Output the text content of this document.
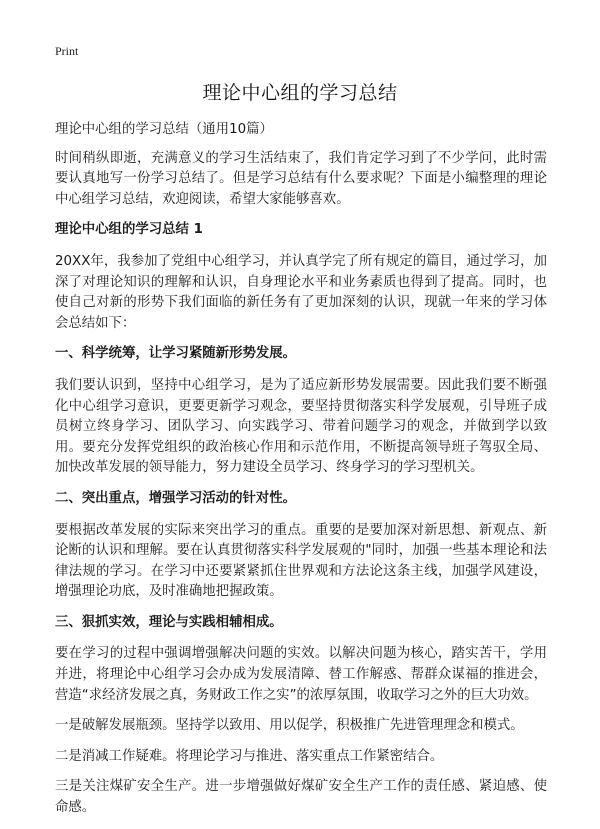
Print
理论中心组的学习总结

理论中心组的学习总结（通用10篇）

时间稍纵即逝，充满意义的学习生活结束了，我们肯定学习到了不少学问，此时需要认真地写一份学习总结了。但是学习总结有什么要求呢？下面是小编整理的理论中心组学习总结，欢迎阅读，希望大家能够喜欢。

理论中心组的学习总结 1

20XX年，我参加了党组中心组学习，并认真学完了所有规定的篇目，通过学习，加深了对理论知识的理解和认识，自身理论水平和业务素质也得到了提高。同时，也使自己对新的形势下我们面临的新任务有了更加深刻的认识，现就一年来的学习体会总结如下：

一、科学统筹，让学习紧随新形势发展。

我们要认识到，坚持中心组学习，是为了适应新形势发展需要。因此我们要不断强化中心组学习意识，更要更新学习观念，要坚持贯彻落实科学发展观，引导班子成员树立终身学习、团队学习、向实践学习、带着问题学习的观念，并做到学以致用。要充分发挥党组织的政治核心作用和示范作用，不断提高领导班子驾驭全局、加快改革发展的领导能力，努力建设全员学习、终身学习的学习型机关。

二、突出重点，增强学习活动的针对性。

要根据改革发展的实际来突出学习的重点。重要的是要加深对新思想、新观点、新论断的认识和理解。要在认真贯彻落实科学发展观的"同时，加强一些基本理论和法律法规的学习。在学习中还要紧紧抓住世界观和方法论这条主线，加强学风建设，增强理论功底，及时准确地把握政策。

三、狠抓实效，理论与实践相辅相成。

要在学习的过程中强调增强解决问题的实效。以解决问题为核心，踏实苦干，学用并进，将理论中心组学习会办成为发展清障、替工作解惑、帮群众谋福的推进会，营造“求经济发展之真，务财政工作之实”的浓厚氛围，收取学习之外的巨大功效。

一是破解发展瓶颈。坚持学以致用、用以促学，积极推广先进管理理念和模式。

二是消减工作疑难。将理论学习与推进、落实重点工作紧密结合。

三是关注煤矿安全生产。进一步增强做好煤矿安全生产工作的责任感、紧迫感、使命感。
